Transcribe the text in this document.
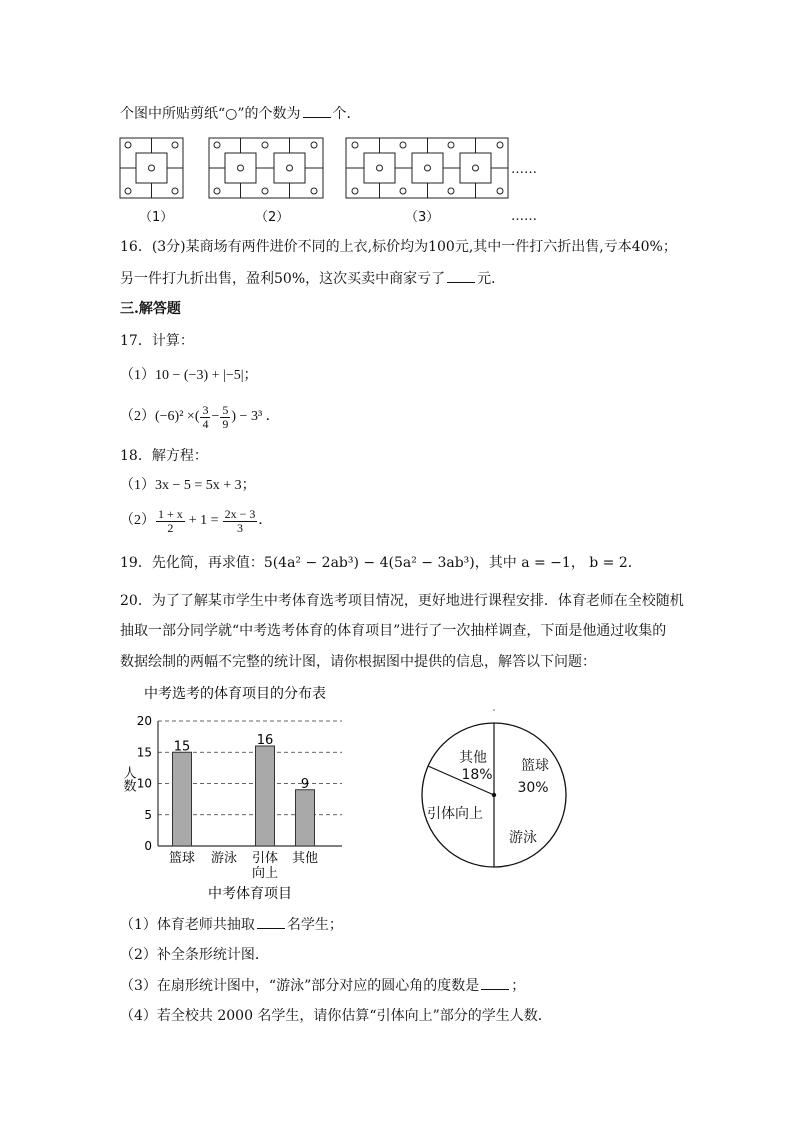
个图中所贴剪纸“○”的个数为 个．
（1）	（2）	（3）
……
……
16．(3分)某商场有两件进价不同的上衣,标价均为100元,其中一件打六折出售,亏本40%；
另一件打九折出售，盈利50%，这次买卖中商家亏了 元．
三.解答题
17．计算：
（1）10 − (−3) + |−5|；
（2） (−6)² ×( $\frac{3}{4} - \frac{5}{9}$ ) − 3³ ．
18．解方程：
（1）3x − 5 = 5x + 3；
$(2) \frac{1 + x}{2} + 1 = \frac{2x - 3}{3}$ ．
19．先化简，再求值：5(4a² − 2ab³) − 4(5a² − 3ab³)，其中 a = −1， b = 2．
20．为了了解某市学生中考体育选考项目情况，更好地进行课程安排．体育老师在全校随机
抽取一部分同学就“中考选考体育的体育项目”进行了一次抽样调查，下面是他通过收集的
数据绘制的两幅不完整的统计图，请你根据图中提供的信息，解答以下问题：
中考选考的体育项目的分布表
15	16
9
0
5
10
15
20
篮球 游泳 引体
向上
其他
人数
中考体育项目
篮球
30%
其他
18%
引体向上
游泳
（1）体育老师共抽取 名学生；
（2）补全条形统计图．
（3）在扇形统计图中，“游泳”部分对应的圆心角的度数是 ；
（4）若全校共 2000 名学生，请你估算“引体向上”部分的学生人数．
